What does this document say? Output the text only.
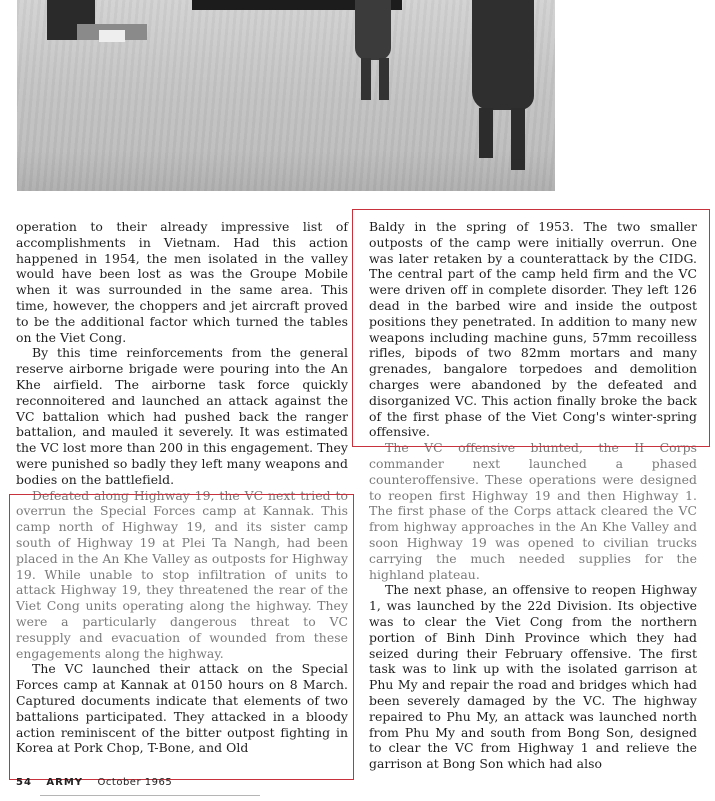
operation to their already impressive list of accomplishments in Vietnam. Had this action happened in 1954, the men isolated in the valley would have been lost as was the Groupe Mobile when it was surrounded in the same area. This time, however, the choppers and jet aircraft proved to be the additional factor which turned the tables on the Viet Cong.

By this time reinforcements from the general reserve airborne brigade were pouring into the An Khe airfield. The airborne task force quickly reconnoitered and launched an attack against the VC battalion which had pushed back the ranger battalion, and mauled it severely. It was estimated the VC lost more than 200 in this engagement. They were punished so badly they left many weapons and bodies on the battlefield.

Defeated along Highway 19, the VC next tried to overrun the Special Forces camp at Kannak. This camp north of Highway 19, and its sister camp south of Highway 19 at Plei Ta Nangh, had been placed in the An Khe Valley as outposts for Highway 19. While unable to stop infiltration of units to attack Highway 19, they threatened the rear of the Viet Cong units operating along the highway. They were a particularly dangerous threat to VC resupply and evacuation of wounded from these engagements along the highway.

The VC launched their attack on the Special Forces camp at Kannak at 0150 hours on 8 March. Captured documents indicate that elements of two battalions participated. They attacked in a bloody action reminiscent of the bitter outpost fighting in Korea at Pork Chop, T-Bone, and Old

Baldy in the spring of 1953. The two smaller outposts of the camp were initially overrun. One was later retaken by a counterattack by the CIDG. The central part of the camp held firm and the VC were driven off in complete disorder. They left 126 dead in the barbed wire and inside the outpost positions they penetrated. In addition to many new weapons including machine guns, 57mm recoilless rifles, bipods of two 82mm mortars and many grenades, bangalore torpedoes and demolition charges were abandoned by the defeated and disorganized VC. This action finally broke the back of the first phase of the Viet Cong's winter-spring offensive.

The VC offensive blunted, the II Corps commander next launched a phased counteroffensive. These operations were designed to reopen first Highway 19 and then Highway 1. The first phase of the Corps attack cleared the VC from highway approaches in the An Khe Valley and soon Highway 19 was opened to civilian trucks carrying the much needed supplies for the highland plateau.

The next phase, an offensive to reopen Highway 1, was launched by the 22d Division. Its objective was to clear the Viet Cong from the northern portion of Binh Dinh Province which they had seized during their February offensive. The first task was to link up with the isolated garrison at Phu My and repair the road and bridges which had been severely damaged by the VC. The highway repaired to Phu My, an attack was launched north from Phu My and south from Bong Son, designed to clear the VC from Highway 1 and relieve the garrison at Bong Son which had also

54 ARMY October 1965
